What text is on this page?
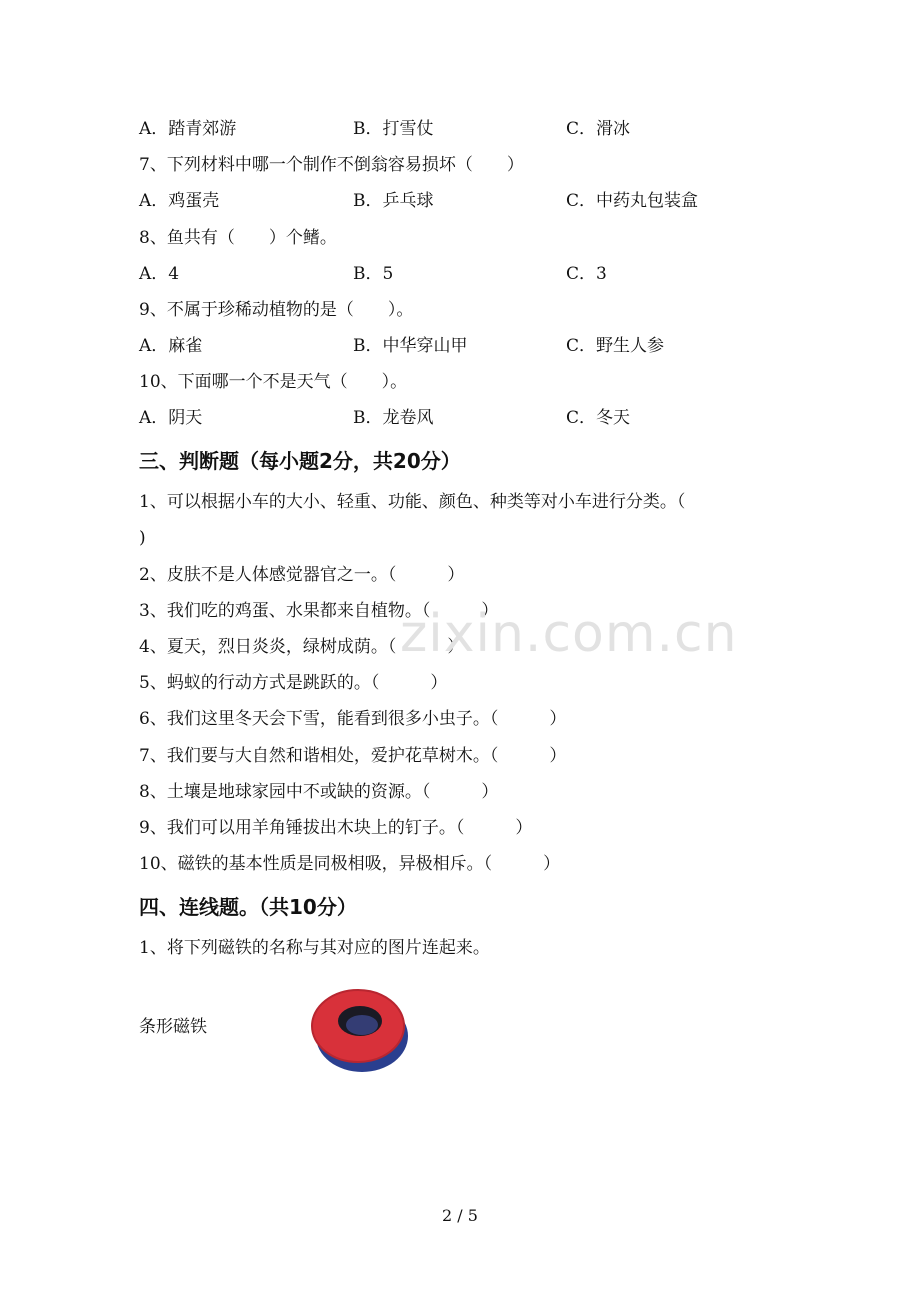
A．踏青郊游	B．打雪仗	C．滑冰
7、下列材料中哪一个制作不倒翁容易损坏（　　）
A．鸡蛋壳	B．乒乓球	C．中药丸包装盒
8、鱼共有（　　）个鳍。
A．4	B．5	C．3
9、不属于珍稀动植物的是（　　）。
A．麻雀	B．中华穿山甲	C．野生人参
10、下面哪一个不是天气（　　）。
A．阴天	B．龙卷风	C．冬天
三、判断题（每小题2分，共20分）
1、可以根据小车的大小、轻重、功能、颜色、种类等对小车进行分类。（
)
2、皮肤不是人体感觉器官之一。（　　　）
3、我们吃的鸡蛋、水果都来自植物。（　　　）
4、夏天，烈日炎炎，绿树成荫。（　　　）
5、蚂蚁的行动方式是跳跃的。（　　　）
6、我们这里冬天会下雪，能看到很多小虫子。（　　　）
7、我们要与大自然和谐相处，爱护花草树木。（　　　）
8、土壤是地球家园中不或缺的资源。（　　　）
9、我们可以用羊角锤拔出木块上的钉子。（　　　）
10、磁铁的基本性质是同极相吸，异极相斥。（　　　）
zixin.com.cn
四、连线题。（共10分）
1、将下列磁铁的名称与其对应的图片连起来。
条形磁铁
2 / 5
